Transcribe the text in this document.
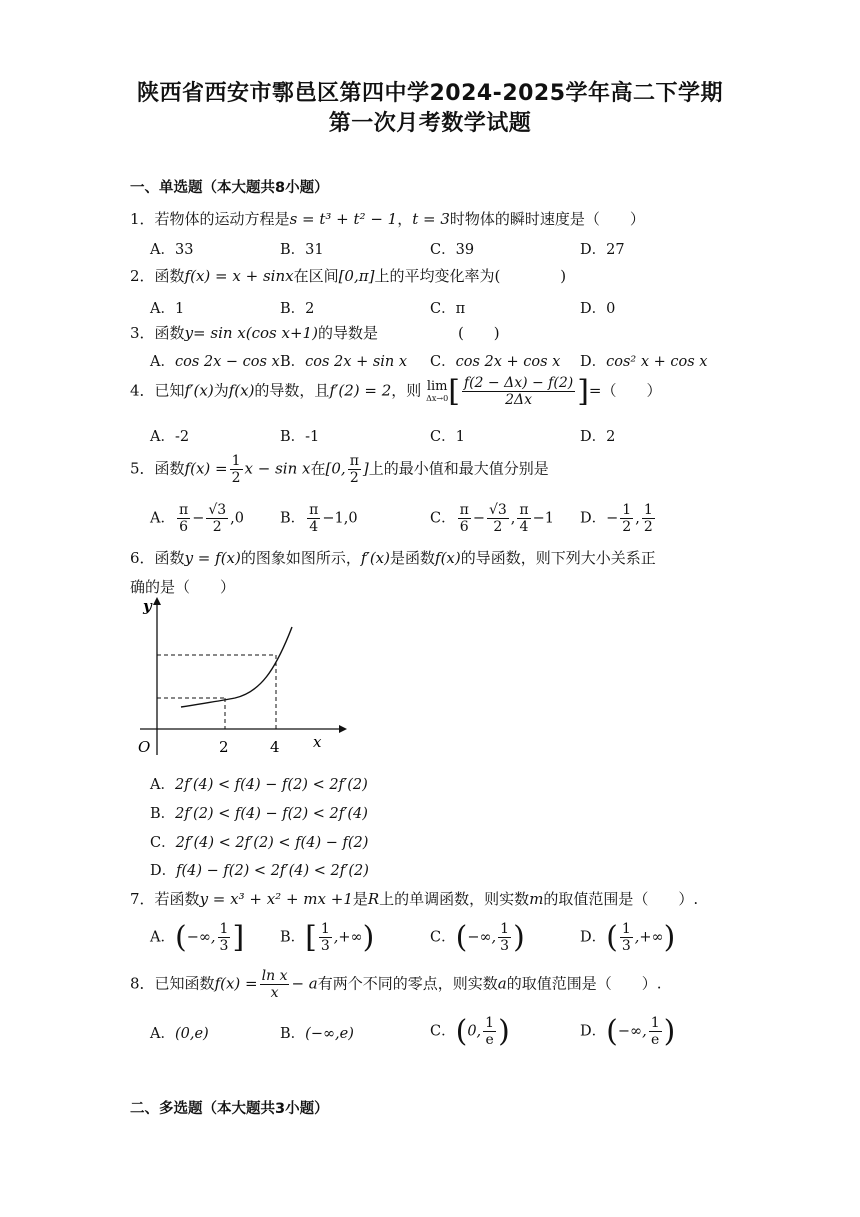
陕西省西安市鄠邑区第四中学2024-2025学年高二下学期
第一次月考数学试题
一、单选题（本大题共8小题）
1．若物体的运动方程是s = t³ + t² − 1，t = 3时物体的瞬时速度是（　　）
A．33	B．31	C．39	D．27
2．函数f(x) = x + sinx在区间[0,π]上的平均变化率为(　　　　)
A．1	B．2	C．π	D．0
3．函数y= sin x(cos x+1)的导数是	(　　)
A．cos 2x − cos x B．cos 2x + sin x C．cos 2x + cos x D．cos² x + cos x
4．已知f′(x)为f(x)的导数，且f′(2) = 2，则 lim
Δx→0 [ $\frac{f(2 - \Delta x) - f(2)}{2\Delta x}$ ]=（　　）
A．-2	B．-1	C．1	D．2
5．函数$f(x) = \frac{1}{2}$ x − sin x在[0, $\frac{\pi}{2}$ ]上的最小值和最大值分别是
A． $\frac{\pi}{6} - \frac{√3}{2} ,0$ B． $\frac{\pi}{4} -1,0$	C． $\frac{\pi}{6} - \frac{√3}{2}$ , $\frac{\pi}{4} -1$ D．− $\frac{1}{2}$ , $\frac{1}{2}$
6．函数y = f(x)的图象如图所示，f′(x)是函数f(x)的导函数，则下列大小关系正
确的是（　　）
y
x
O	2	4
A．2f′(4) < f(4) − f(2) < 2f′(2)
B．2f′(2) < f(4) − f(2) < 2f′(4)
C．2f′(4) < 2f′(2) < f(4) − f(2)
D．f(4) − f(2) < 2f′(4) < 2f′(2)
7．若函数y = x³ + x² + mx +1是R上的单调函数，则实数m的取值范围是（　　）.
A．(−∞, $\frac{1}{3}$ ] B．[ $\frac{1}{3}$ ,+∞)	C．(−∞, $\frac{1}{3}$ )	D．( $\frac{1}{3}$ ,+∞)
8．已知函数$f(x) = \frac{\text{ln x}}{x} - a$有两个不同的零点，则实数a的取值范围是（　　）.
A．(0,e)	B．(−∞,e)	C．(0, $\frac{1}{e}$ )	D．(−∞, $\frac{1}{e}$ )
二、多选题（本大题共3小题）
